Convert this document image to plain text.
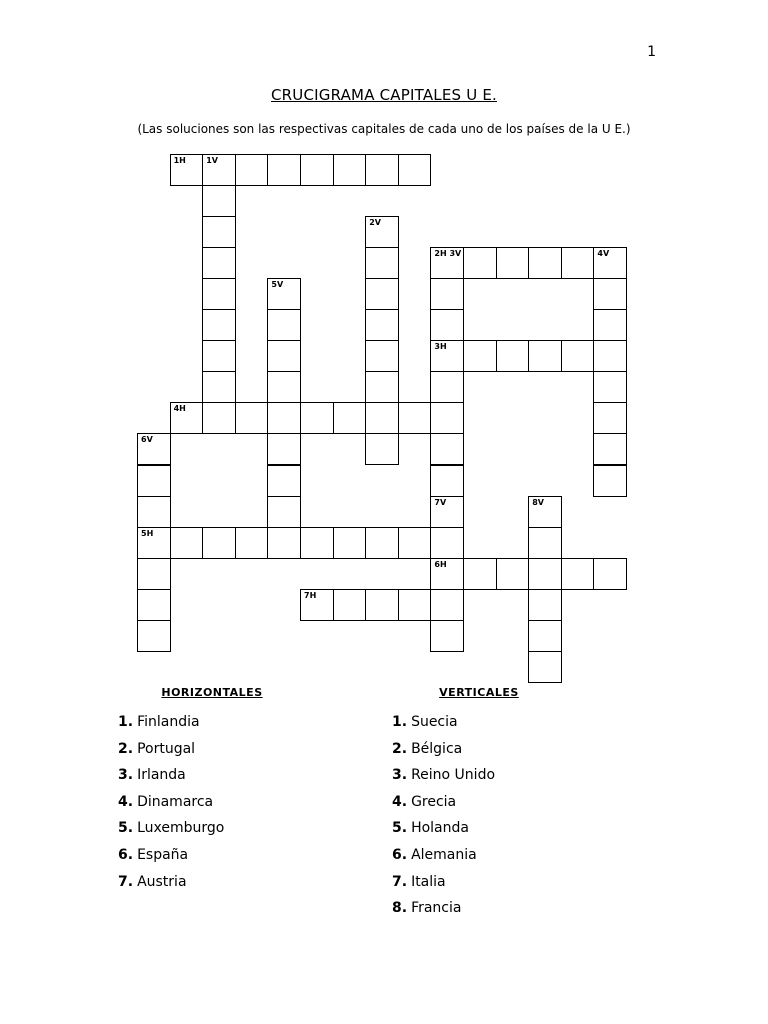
1
CRUCIGRAMA CAPITALES U E.
(Las soluciones son las respectivas capitales de cada uno de los países de la U E.)
1H	1V
2V
2H 3V	4V
3H
7V
5V
4H
6V
5H
6H
8V
7H
HORIZONTALES
1. Finlandia
2. Portugal
3. Irlanda
4. Dinamarca
5. Luxemburgo
6. España
7. Austria
VERTICALES
1. Suecia
2. Bélgica
3. Reino Unido
4. Grecia
5. Holanda
6. Alemania
7. Italia
8. Francia
